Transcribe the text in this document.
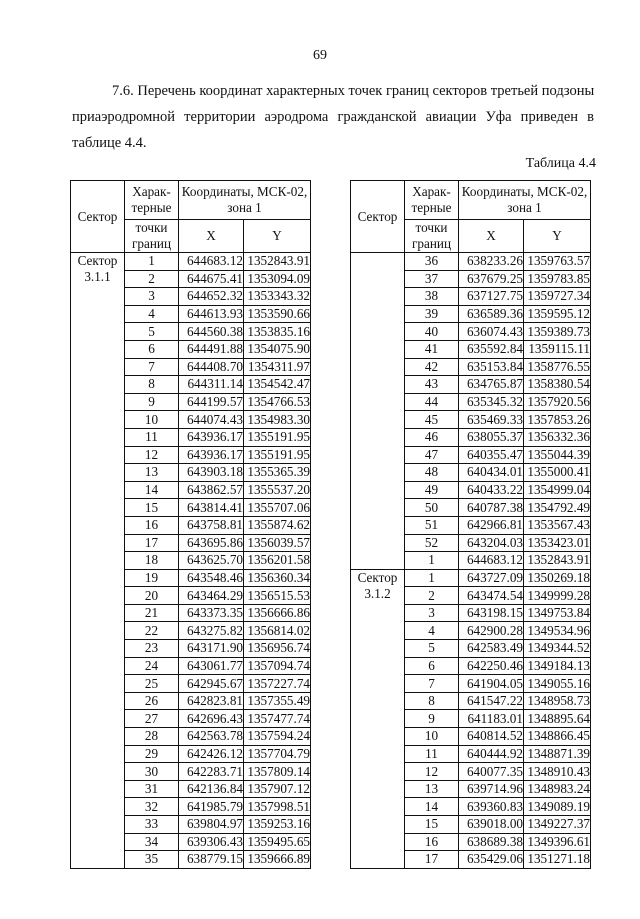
69
7.6. Перечень координат характерных точек границ секторов третьей подзоны
приаэродромной территории аэродрома гражданской авиации Уфа приведен в
таблице 4.4.
Таблица 4.4
Сектор	Харак-терные	Координаты, МСК-02, зона 1	
	точки границ	X	Y
Сектор 3.1.1	1	644683.12	1352843.91
	2	644675.41	1353094.09
	3	644652.32	1353343.32
	4	644613.93	1353590.66
	5	644560.38	1353835.16
	6	644491.88	1354075.90
	7	644408.70	1354311.97
	8	644311.14	1354542.47
	9	644199.57	1354766.53
	10	644074.43	1354983.30
	11	643936.17	1355191.95
	12	643936.17	1355191.95
	13	643903.18	1355365.39
	14	643862.57	1355537.20
	15	643814.41	1355707.06
	16	643758.81	1355874.62
	17	643695.86	1356039.57
	18	643625.70	1356201.58
	19	643548.46	1356360.34
	20	643464.29	1356515.53
	21	643373.35	1356666.86
	22	643275.82	1356814.02
	23	643171.90	1356956.74
	24	643061.77	1357094.74
	25	642945.67	1357227.74
	26	642823.81	1357355.49
	27	642696.43	1357477.74
	28	642563.78	1357594.24
	29	642426.12	1357704.79
	30	642283.71	1357809.14
	31	642136.84	1357907.12
	32	641985.79	1357998.51
	33	639804.97	1359253.16
	34	639306.43	1359495.65
	35	638779.15	1359666.89
Сектор	Харак-терные	Координаты, МСК-02, зона 1	
	точки границ	X	Y
	36	638233.26	1359763.57
	37	637679.25	1359783.85
	38	637127.75	1359727.34
	39	636589.36	1359595.12
	40	636074.43	1359389.73
	41	635592.84	1359115.11
	42	635153.84	1358776.55
	43	634765.87	1358380.54
	44	635345.32	1357920.56
	45	635469.33	1357853.26
	46	638055.37	1356332.36
	47	640355.47	1355044.39
	48	640434.01	1355000.41
	49	640433.22	1354999.04
	50	640787.38	1354792.49
	51	642966.81	1353567.43
	52	643204.03	1353423.01
	1	644683.12	1352843.91
Сектор 3.1.2	1	643727.09	1350269.18
	2	643474.54	1349999.28
	3	643198.15	1349753.84
	4	642900.28	1349534.96
	5	642583.49	1349344.52
	6	642250.46	1349184.13
	7	641904.05	1349055.16
	8	641547.22	1348958.73
	9	641183.01	1348895.64
	10	640814.52	1348866.45
	11	640444.92	1348871.39
	12	640077.35	1348910.43
	13	639714.96	1348983.24
	14	639360.83	1349089.19
	15	639018.00	1349227.37
	16	638689.38	1349396.61
	17	635429.06	1351271.18
